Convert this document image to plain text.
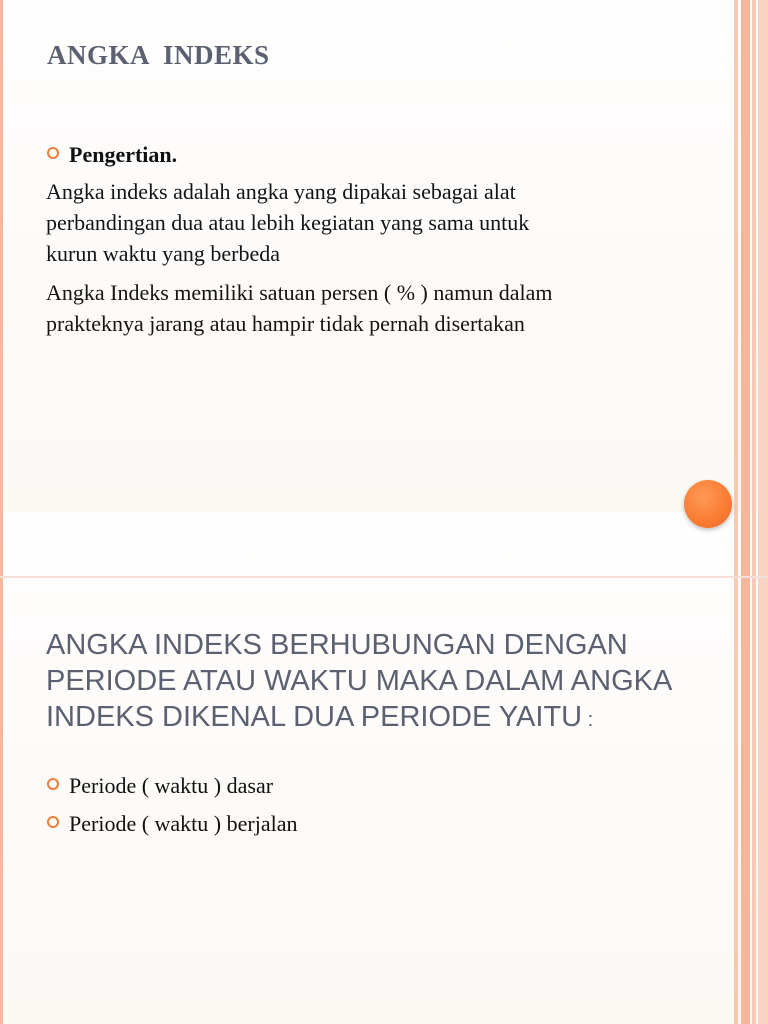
ANGKA  INDEKS
Pengertian.
Angka indeks adalah angka yang dipakai sebagai alat
perbandingan dua atau lebih kegiatan yang sama untuk
kurun waktu yang berbeda
Angka Indeks memiliki satuan persen ( % ) namun dalam
prakteknya jarang atau hampir tidak pernah disertakan
ANGKA INDEKS BERHUBUNGAN DENGAN
PERIODE ATAU WAKTU MAKA DALAM ANGKA
INDEKS DIKENAL DUA PERIODE YAITU :
Periode ( waktu ) dasar
Periode ( waktu ) berjalan
